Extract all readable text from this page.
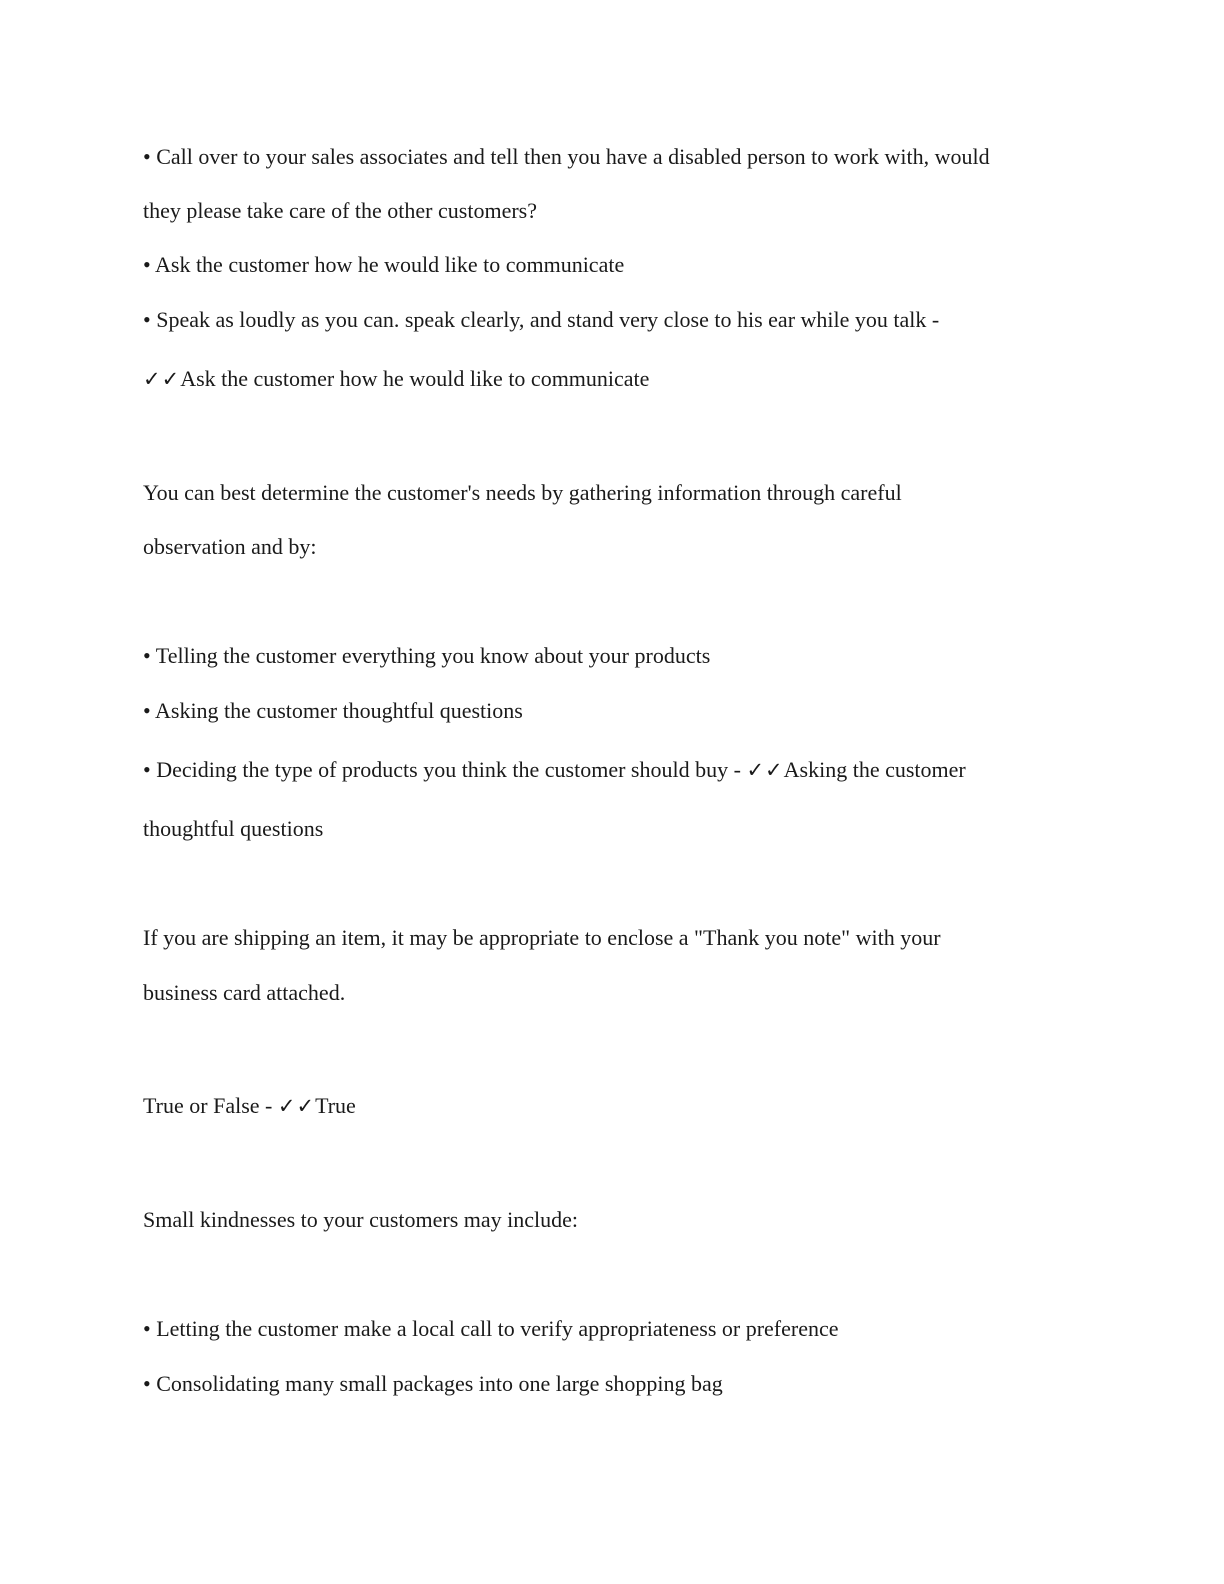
• Call over to your sales associates and tell then you have a disabled person to work with, would
they please take care of the other customers?
• Ask the customer how he would like to communicate
• Speak as loudly as you can. speak clearly, and stand very close to his ear while you talk -
✓✓Ask the customer how he would like to communicate
You can best determine the customer's needs by gathering information through careful
observation and by:
• Telling the customer everything you know about your products
• Asking the customer thoughtful questions
• Deciding the type of products you think the customer should buy - ✓✓Asking the customer
thoughtful questions
If you are shipping an item, it may be appropriate to enclose a "Thank you note" with your
business card attached.
True or False - ✓✓True
Small kindnesses to your customers may include:
• Letting the customer make a local call to verify appropriateness or preference
• Consolidating many small packages into one large shopping bag
